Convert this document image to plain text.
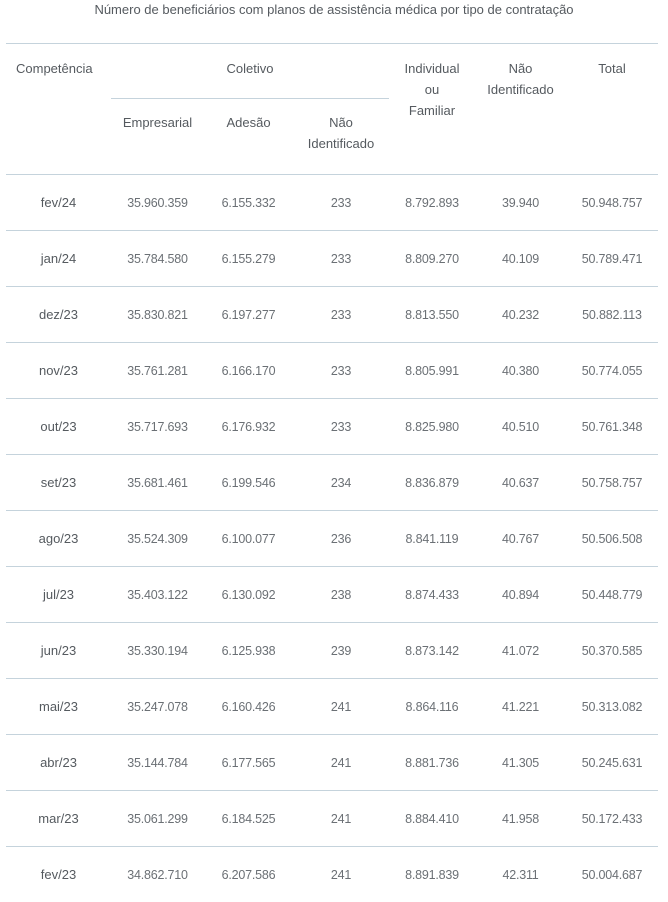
Número de beneficiários com planos de assistência médica por tipo de contratação
Competência	Coletivo			Individual ou Familiar	Não Identificado	Total
	Empresarial	Adesão	Não Identificado			

fev/24	35.960.359	6.155.332	233	8.792.893	39.940	50.948.757
jan/24	35.784.580	6.155.279	233	8.809.270	40.109	50.789.471
dez/23	35.830.821	6.197.277	233	8.813.550	40.232	50.882.113
nov/23	35.761.281	6.166.170	233	8.805.991	40.380	50.774.055
out/23	35.717.693	6.176.932	233	8.825.980	40.510	50.761.348
set/23	35.681.461	6.199.546	234	8.836.879	40.637	50.758.757
ago/23	35.524.309	6.100.077	236	8.841.119	40.767	50.506.508
jul/23	35.403.122	6.130.092	238	8.874.433	40.894	50.448.779
jun/23	35.330.194	6.125.938	239	8.873.142	41.072	50.370.585
mai/23	35.247.078	6.160.426	241	8.864.116	41.221	50.313.082
abr/23	35.144.784	6.177.565	241	8.881.736	41.305	50.245.631
mar/23	35.061.299	6.184.525	241	8.884.410	41.958	50.172.433
fev/23	34.862.710	6.207.586	241	8.891.839	42.311	50.004.687
